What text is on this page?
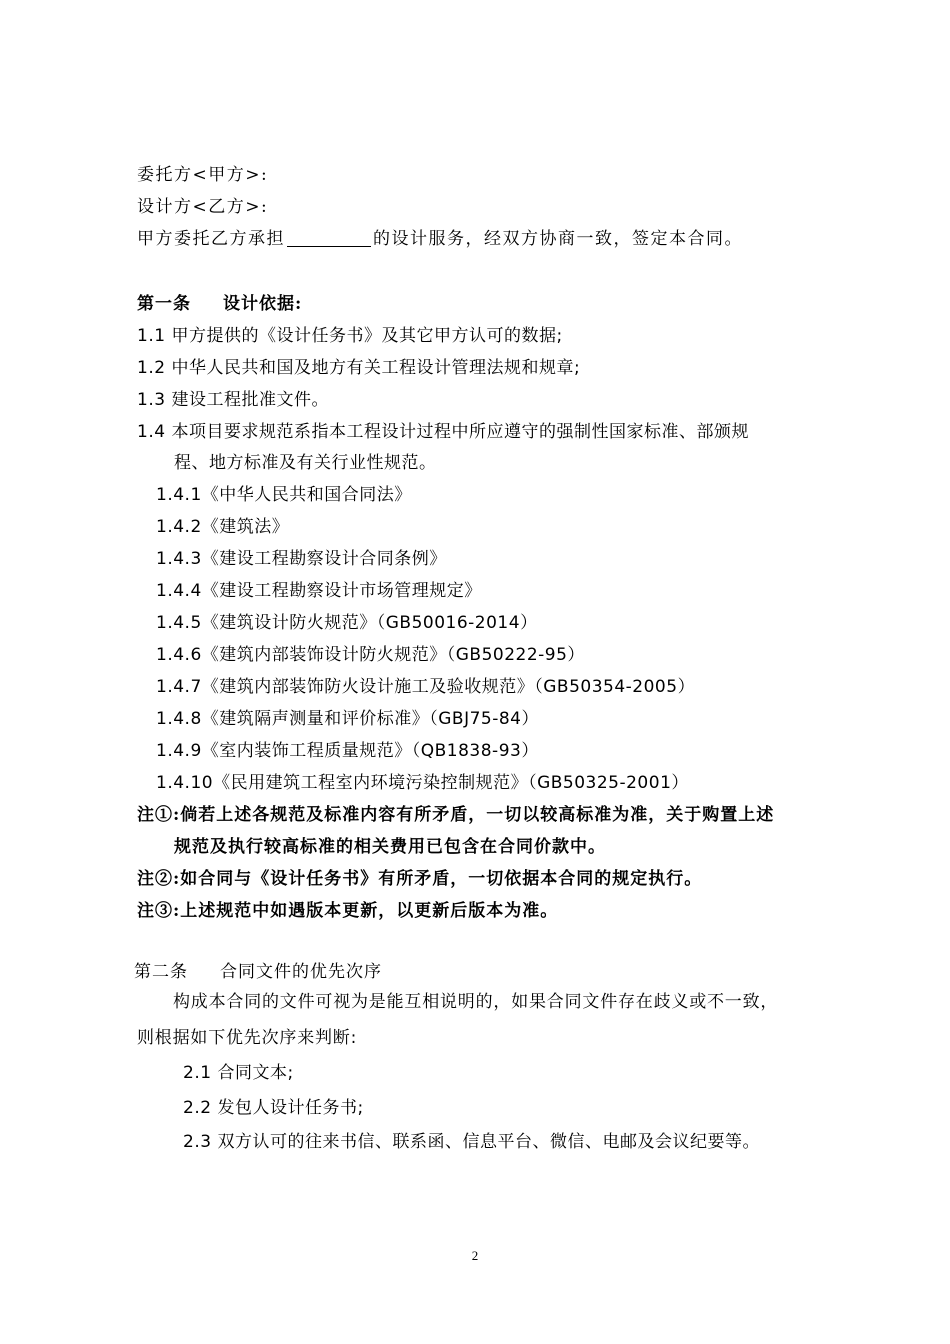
委托方<甲方>:
设计方<乙方>:
甲方委托乙方承担	的设计服务，经双方协商一致，签定本合同。
第一条 设计依据:
1.1 甲方提供的《设计任务书》及其它甲方认可的数据;
1.2 中华人民共和国及地方有关工程设计管理法规和规章;
1.3 建设工程批准文件。
1.4 本项目要求规范系指本工程设计过程中所应遵守的强制性国家标准、部颁规
程、地方标准及有关行业性规范。
1.4.1《中华人民共和国合同法》
1.4.2《建筑法》
1.4.3《建设工程勘察设计合同条例》
1.4.4《建设工程勘察设计市场管理规定》
1.4.5《建筑设计防火规范》（GB50016-2014）
1.4.6《建筑内部装饰设计防火规范》（GB50222-95）
1.4.7《建筑内部装饰防火设计施工及验收规范》（GB50354-2005）
1.4.8《建筑隔声测量和评价标准》（GBJ75-84）
1.4.9《室内装饰工程质量规范》（QB1838-93）
1.4.10《民用建筑工程室内环境污染控制规范》（GB50325-2001）
注①:倘若上述各规范及标准内容有所矛盾，一切以较高标准为准，关于购置上述
规范及执行较高标准的相关费用已包含在合同价款中。
注②:如合同与《设计任务书》有所矛盾，一切依据本合同的规定执行。
注③:上述规范中如遇版本更新，以更新后版本为准。
第二条 合同文件的优先次序
构成本合同的文件可视为是能互相说明的，如果合同文件存在歧义或不一致，
则根据如下优先次序来判断:
2.1 合同文本;
2.2 发包人设计任务书;
2.3 双方认可的往来书信、联系函、信息平台、微信、电邮及会议纪要等。
2
